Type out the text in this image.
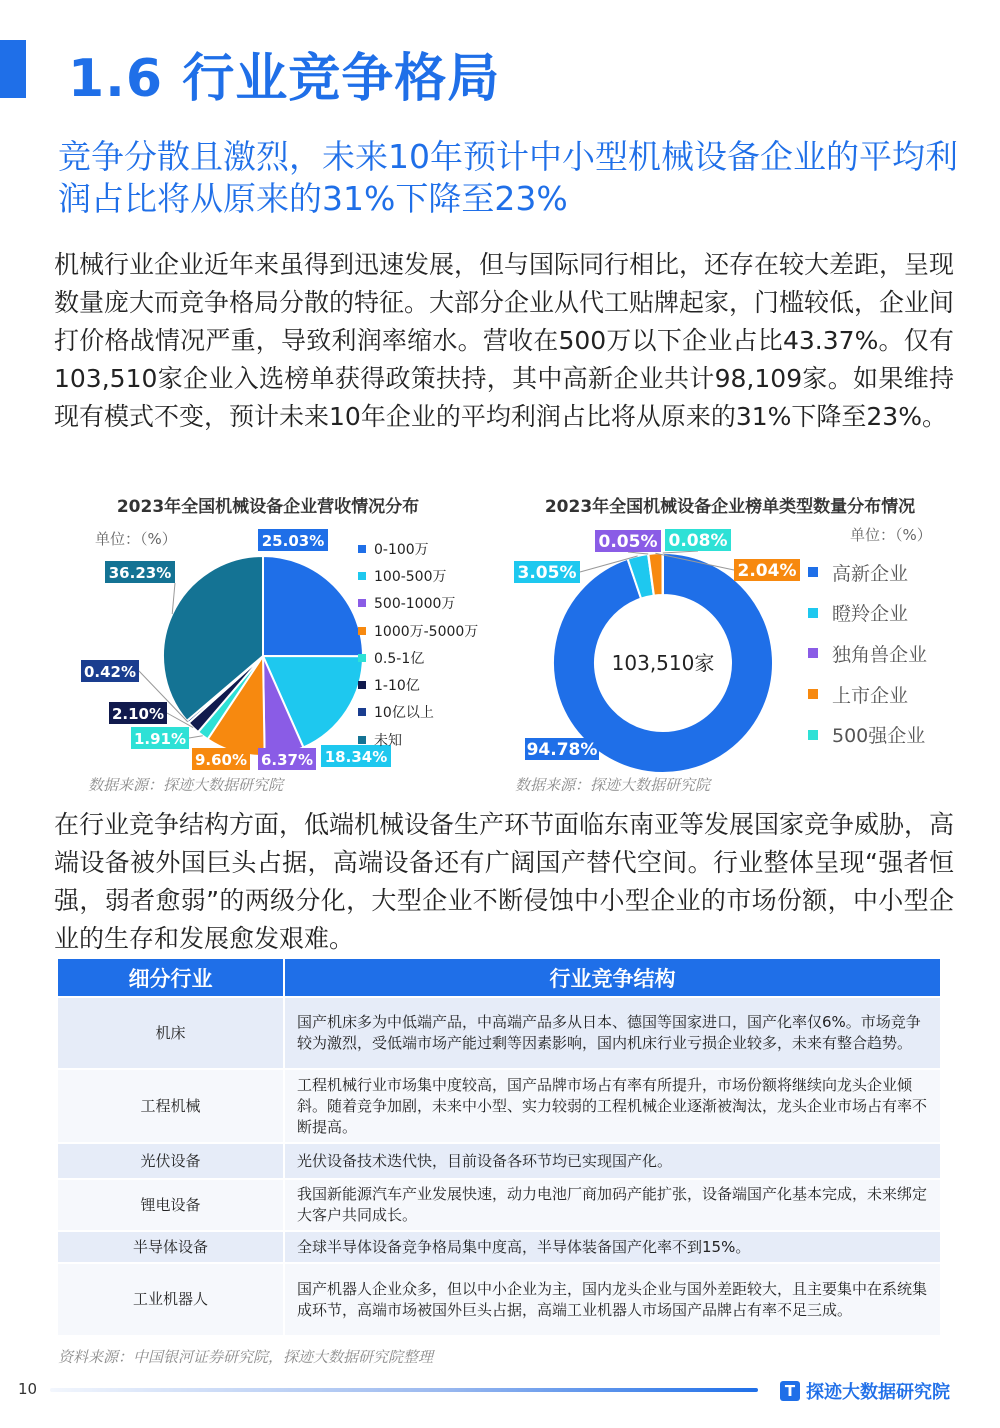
1.6 行业竞争格局
竞争分散且激烈，未来10年预计中小型机械设备企业的平均利润占比将从原来的31%下降至23%
机械行业企业近年来虽得到迅速发展，但与国际同行相比，还存在较大差距，呈现数量庞大而竞争格局分散的特征。大部分企业从代工贴牌起家，门槛较低，企业间打价格战情况严重，导致利润率缩水。营收在500万以下企业占比43.37%。仅有103,510家企业入选榜单获得政策扶持，其中高新企业共计98,109家。如果维持现有模式不变，预计未来10年企业的平均利润占比将从原来的31%下降至23%。
2023年全国机械设备企业营收情况分布
单位：（%）	25.03%
18.34%
6.37%
9.60%
1.91%
2.10%
0.42%
36.23%
0-100万
100-500万
500-1000万
1000万-5000万
0.5-1亿
1-10亿
10亿以上
未知
数据来源：探迹大数据研究院
2023年全国机械设备企业榜单类型数量分布情况
单位：（%）
94.78%
3.05%
0.05%
2.04%
0.08%
103,510家
高新企业
瞪羚企业
独角兽企业
上市企业
500强企业
数据来源：探迹大数据研究院
在行业竞争结构方面，低端机械设备生产环节面临东南亚等发展国家竞争威胁，高端设备被外国巨头占据，高端设备还有广阔国产替代空间。行业整体呈现“强者恒强，弱者愈弱”的两级分化，大型企业不断侵蚀中小型企业的市场份额，中小型企业的生存和发展愈发艰难。
细分行业	行业竞争结构
机床	国产机床多为中低端产品，中高端产品多从日本、德国等国家进口，国产化率仅6%。市场竞争较为激烈，受低端市场产能过剩等因素影响，国内机床行业亏损企业较多，未来有整合趋势。
工程机械	工程机械行业市场集中度较高，国产品牌市场占有率有所提升，市场份额将继续向龙头企业倾斜。随着竞争加剧，未来中小型、实力较弱的工程机械企业逐渐被淘汰，龙头企业市场占有率不断提高。
光伏设备	光伏设备技术迭代快，目前设备各环节均已实现国产化。
锂电设备	我国新能源汽车产业发展快速，动力电池厂商加码产能扩张，设备端国产化基本完成，未来绑定大客户共同成长。
半导体设备	全球半导体设备竞争格局集中度高，半导体装备国产化率不到15%。
工业机器人	国产机器人企业众多，但以中小企业为主，国内龙头企业与国外差距较大，且主要集中在系统集成环节，高端市场被国外巨头占据，高端工业机器人市场国产品牌占有率不足三成。
资料来源：中国银河证券研究院，探迹大数据研究院整理
10	T 探迹大数据研究院
